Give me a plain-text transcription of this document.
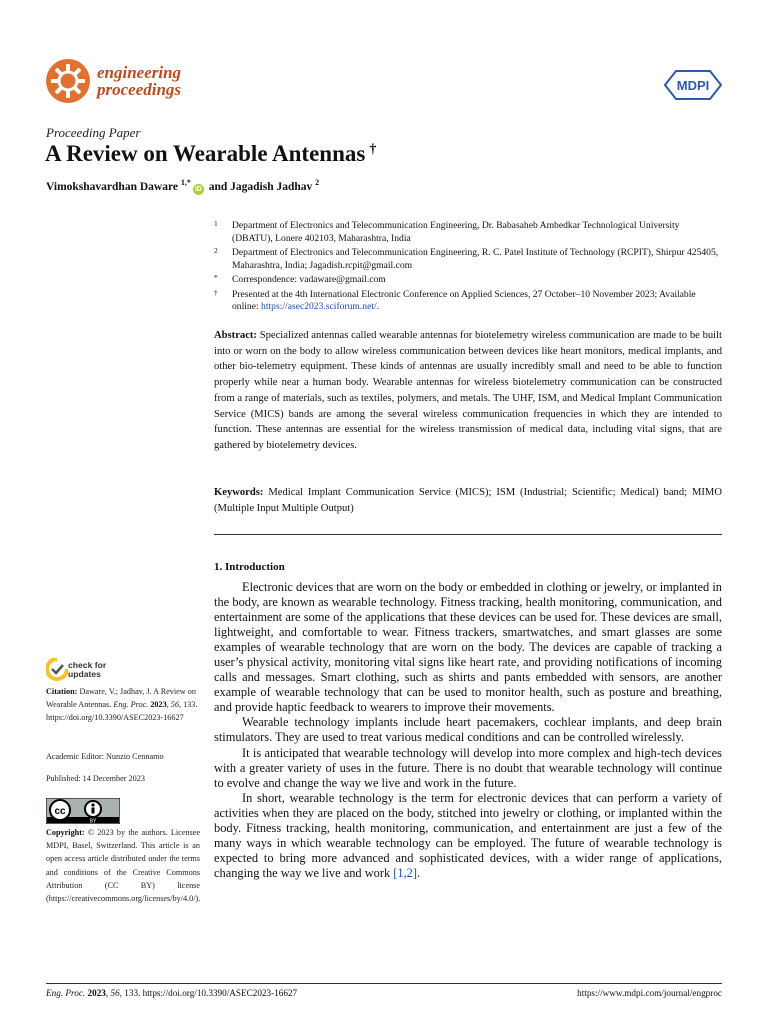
engineering
proceedings	MDPI
Proceeding Paper
A Review on Wearable Antennas †
Vimokshavardhan Daware $^{1,*}$iD and Jagadish Jadhav $^2$
1 Department of Electronics and Telecommunication Engineering, Dr. Babasaheb Ambedkar Technological University (DBATU), Lonere 402103, Maharashtra, India
2 Department of Electronics and Telecommunication Engineering, R. C. Patel Institute of Technology (RCPIT), Shirpur 425405, Maharashtra, India; Jagadish.rcpit@gmail.com
* Correspondence: vadaware@gmail.com
† Presented at the 4th International Electronic Conference on Applied Sciences, 27 October–10 November 2023; Available online: https://asec2023.sciforum.net/.
Abstract: Specialized antennas called wearable antennas for biotelemetry wireless communication are made to be built into or worn on the body to allow wireless communication between devices like heart monitors, medical implants, and other bio-telemetry equipment. These kinds of antennas are usually incredibly small and need to be able to function properly while near a human body. Wearable antennas for wireless biotelemetry communication can be constructed from a range of materials, such as textiles, polymers, and metals. The UHF, ISM, and Medical Implant Communication Service (MICS) bands are among the several wireless communication frequencies in which they are intended to function. These antennas are essential for the wireless transmission of medical data, including vital signs, that are gathered by biotelemetry devices.
Keywords: Medical Implant Communication Service (MICS); ISM (Industrial; Scientific; Medical) band; MIMO (Multiple Input Multiple Output)
1. Introduction

Electronic devices that are worn on the body or embedded in clothing or jewelry, or implanted in the body, are known as wearable technology. Fitness tracking, health monitoring, communication, and entertainment are some of the applications that these devices can be used for. These devices are small, lightweight, and comfortable to wear. Fitness trackers, smartwatches, and smart glasses are some examples of wearable technology that are worn on the body. The devices are capable of tracking a user’s physical activity, monitoring vital signs like heart rate, and providing notifications of incoming calls and messages. Smart clothing, such as shirts and pants embedded with sensors, are another example of wearable technology that can be used to monitor health, such as posture and breathing, and provide haptic feedback to wearers to improve their movements.

Wearable technology implants include heart pacemakers, cochlear implants, and deep brain stimulators. They are used to treat various medical conditions and can be controlled wirelessly.

It is anticipated that wearable technology will develop into more complex and high-tech devices with a greater variety of uses in the future. There is no doubt that wearable technology will continue to evolve and change the way we live and work in the future.

In short, wearable technology is the term for electronic devices that can perform a variety of activities when they are placed on the body, stitched into jewelry or clothing, or implanted within the body. Fitness tracking, health monitoring, communication, and entertainment are just a few of the many ways in which wearable technology can be employed. The future of wearable technology is expected to bring more advanced and sophisticated devices, with a wider range of applications, changing the way we live and work [1,2].

check for
updates
Citation: Daware, V.; Jadhav, J. A Review on Wearable Antennas. Eng. Proc. 2023, 56, 133. https://doi.org/10.3390/ASEC2023-16627
Academic Editor: Nunzio Cennamo
Published: 14 December 2023
cc
BY
Copyright: © 2023 by the authors. Licensee MDPI, Basel, Switzerland. This article is an open access article distributed under the terms and conditions of the Creative Commons Attribution (CC BY) license (https://creativecommons.org/licenses/by/4.0/).
Eng. Proc. 2023, 56, 133. https://doi.org/10.3390/ASEC2023-16627	https://www.mdpi.com/journal/engproc
